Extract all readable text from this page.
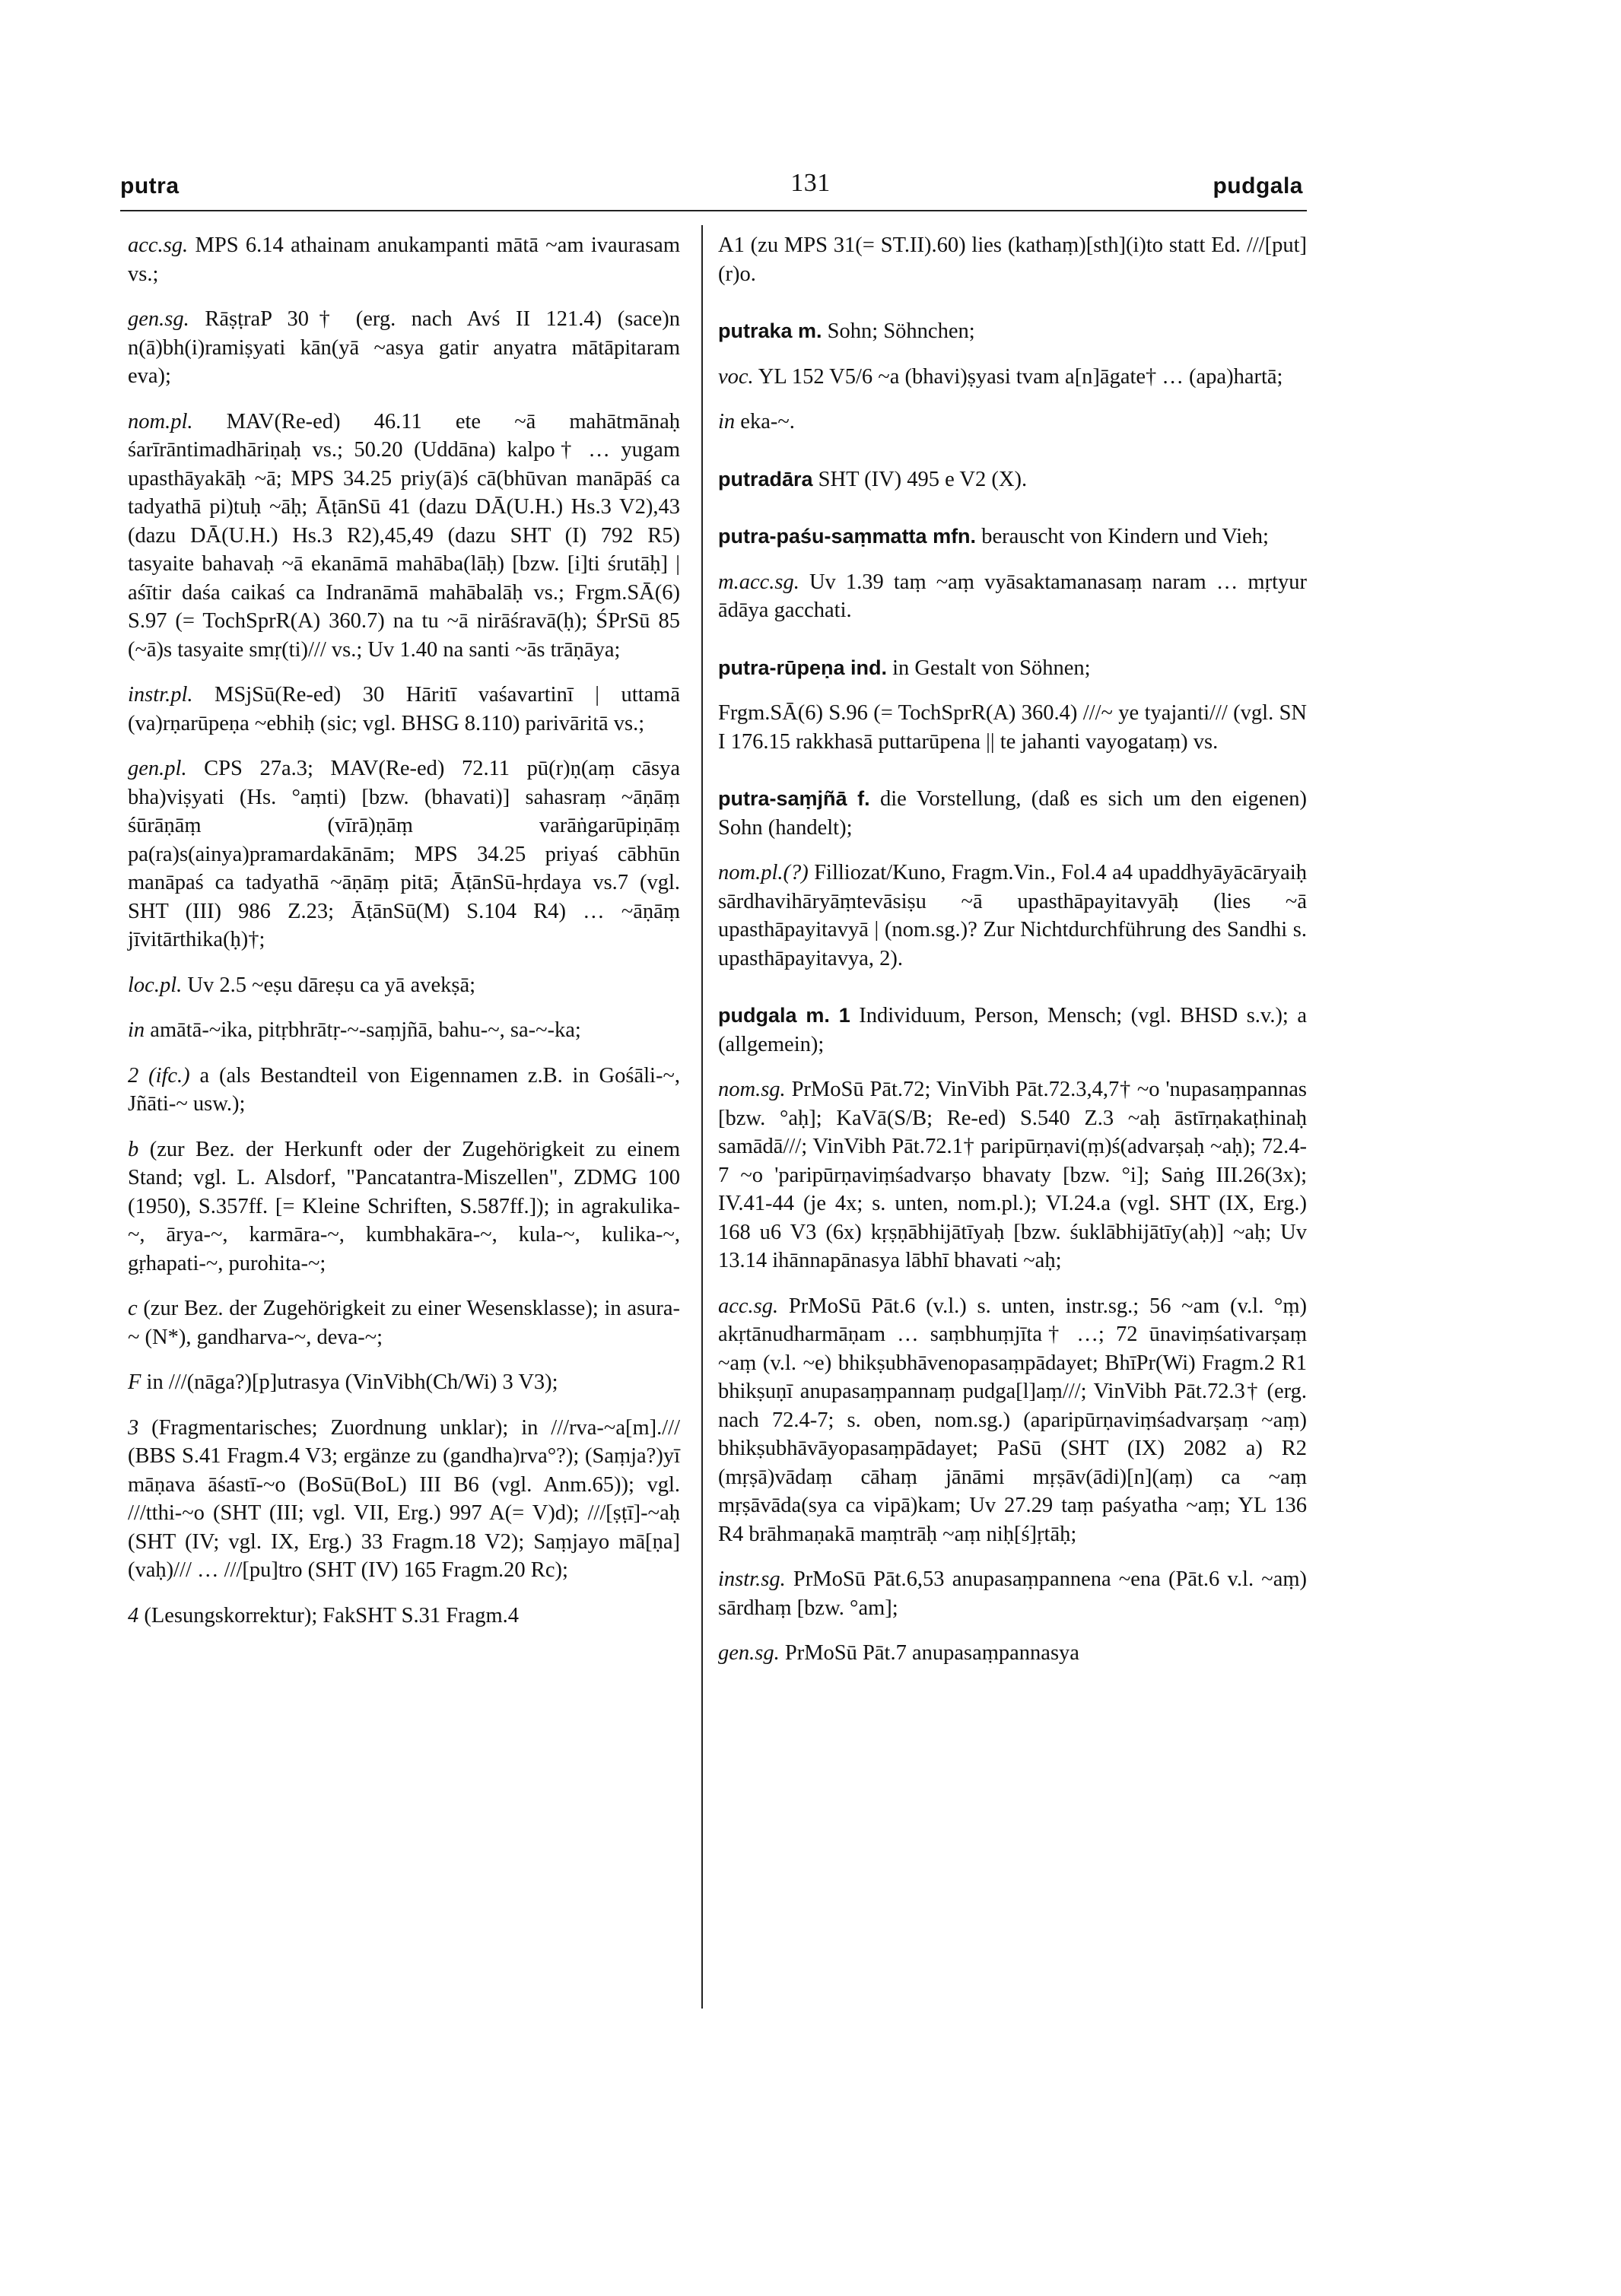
putra	131	pudgala

acc.sg. MPS 6.14 athainam anukampanti mātā ~am ivaurasam vs.;

gen.sg. RāṣṭraP 30† (erg. nach Avś II 121.4) (sace)n n(ā)bh(i)ramiṣyati kān(yā ~asya gatir anyatra mātāpitaram eva);

nom.pl. MAV(Re-ed) 46.11 ete ~ā mahātmānaḥ śarīrāntimadhāriṇaḥ vs.; 50.20 (Uddāna) kalpo† … yugam upasthāyakāḥ ~ā; MPS 34.25 priy(ā)ś cā(bhūvan manāpāś ca tadyathā pi)tuḥ ~āḥ; ĀṭānSū 41 (dazu DĀ(U.H.) Hs.3 V2),43 (dazu DĀ(U.H.) Hs.3 R2),45,49 (dazu SHT (I) 792 R5) tasyaite bahavaḥ ~ā ekanāmā mahāba(lāḥ) [bzw. [i]ti śrutāḥ] | aśītir daśa caikaś ca Indranāmā mahābalāḥ vs.; Frgm.SĀ(6) S.97 (= TochSprR(A) 360.7) na tu ~ā nirāśravā(ḥ); ŚPrSū 85 (~ā)s tasyaite smṛ(ti)/// vs.; Uv 1.40 na santi ~ās trāṇāya;

instr.pl. MSjSū(Re-ed) 30 Hāritī vaśavartinī | uttamā (va)rṇarūpeṇa ~ebhiḥ (sic; vgl. BHSG 8.110) parivāritā vs.;

gen.pl. CPS 27a.3; MAV(Re-ed) 72.11 pū(r)ṇ(aṃ cāsya bha)viṣyati (Hs. °aṃti) [bzw. (bhavati)] sahasraṃ ~āṇāṃ śūrāṇāṃ (vīrā)ṇāṃ varāṅgarūpiṇāṃ pa(ra)s(ainya)pramardakānām; MPS 34.25 priyaś cābhūn manāpaś ca tadyathā ~āṇāṃ pitā; ĀṭānSū-hṛdaya vs.7 (vgl. SHT (III) 986 Z.23; ĀṭānSū(M) S.104 R4) … ~āṇāṃ jīvitārthika(ḥ)†;

loc.pl. Uv 2.5 ~eṣu dāreṣu ca yā avekṣā;

in amātā-~ika, pitṛbhrātṛ-~-saṃjñā, bahu-~, sa-~-ka;

2 (ifc.) a (als Bestandteil von Eigennamen z.B. in Gośāli-~, Jñāti-~ usw.);

b (zur Bez. der Herkunft oder der Zugehörigkeit zu einem Stand; vgl. L. Alsdorf, "Pancatantra-Miszellen", ZDMG 100 (1950), S.357ff. [= Kleine Schriften, S.587ff.]); in agrakulika-~, ārya-~, karmāra-~, kumbhakāra-~, kula-~, kulika-~, gṛhapati-~, purohita-~;

c (zur Bez. der Zugehörigkeit zu einer Wesensklasse); in asura-~ (N*), gandharva-~, deva-~;

F in ///(nāga?)[p]utrasya (VinVibh(Ch/Wi) 3 V3);

3 (Fragmentarisches; Zuordnung unklar); in ///rva-~a[m]./// (BBS S.41 Fragm.4 V3; ergänze zu (gandha)rva°?); (Saṃja?)yī māṇava āśastī-~o (BoSū(BoL) III B6 (vgl. Anm.65)); vgl. ///tthi-~o (SHT (III; vgl. VII, Erg.) 997 A(= V)d); ///[ṣṭī]-~aḥ (SHT (IV; vgl. IX, Erg.) 33 Fragm.18 V2); Saṃjayo mā[ṇa](vaḥ)/// … ///[pu]tro (SHT (IV) 165 Fragm.20 Rc);

4 (Lesungskorrektur); FakSHT S.31 Fragm.4

A1 (zu MPS 31(= ST.II).60) lies (kathaṃ)[sth](i)to statt Ed. ///[put](r)o.

putraka m. Sohn; Söhnchen;

voc. YL 152 V5/6 ~a (bhavi)ṣyasi tvam a[n]āgate† … (apa)hartā;

in eka-~.

putradāra SHT (IV) 495 e V2 (X).

putra-paśu-saṃmatta mfn. berauscht von Kindern und Vieh;

m.acc.sg. Uv 1.39 taṃ ~aṃ vyāsaktamanasaṃ naram … mṛtyur ādāya gacchati.

putra-rūpeṇa ind. in Gestalt von Söhnen;

Frgm.SĀ(6) S.96 (= TochSprR(A) 360.4) ///~ ye tyajanti/// (vgl. SN I 176.15 rakkhasā puttarūpena || te jahanti vayogataṃ) vs.

putra-saṃjñā f. die Vorstellung, (daß es sich um den eigenen) Sohn (handelt);

nom.pl.(?) Filliozat/Kuno, Fragm.Vin., Fol.4 a4 upaddhyāyācāryaiḥ sārdhavihāryāṃtevāsiṣu ~ā upasthāpayitavyāḥ (lies ~ā upasthāpayitavyā | (nom.sg.)? Zur Nichtdurchführung des Sandhi s. upasthāpayitavya, 2).

pudgala m. 1 Individuum, Person, Mensch; (vgl. BHSD s.v.); a (allgemein);

nom.sg. PrMoSū Pāt.72; VinVibh Pāt.72.3,4,7† ~o 'nupasaṃpannas [bzw. °aḥ]; KaVā(S/B; Re-ed) S.540 Z.3 ~aḥ āstīrṇakaṭhinaḥ samādā///; VinVibh Pāt.72.1† paripūrṇavi(ṃ)ś(advarṣaḥ ~aḥ); 72.4-7 ~o 'paripūrṇaviṃśadvarṣo bhavaty [bzw. °i]; Saṅg III.26(3x); IV.41-44 (je 4x; s. unten, nom.pl.); VI.24.a (vgl. SHT (IX, Erg.) 168 u6 V3 (6x) kṛṣṇābhijātīyaḥ [bzw. śuklābhijātīy(aḥ)] ~aḥ; Uv 13.14 ihānnapānasya lābhī bhavati ~aḥ;

acc.sg. PrMoSū Pāt.6 (v.l.) s. unten, instr.sg.; 56 ~am (v.l. °ṃ) akṛtānudharmāṇam … saṃbhuṃjīta† …; 72 ūnaviṃśativarṣaṃ ~aṃ (v.l. ~e) bhikṣubhāvenopasaṃpādayet; BhīPr(Wi) Fragm.2 R1 bhikṣuṇī anupasaṃpannaṃ pudga[l]aṃ///; VinVibh Pāt.72.3† (erg. nach 72.4-7; s. oben, nom.sg.) (aparipūrṇaviṃśadvarṣaṃ ~aṃ) bhikṣubhāvāyopasaṃpādayet; PaSū (SHT (IX) 2082 a) R2 (mṛṣā)vādaṃ cāhaṃ jānāmi mṛṣāv(ādi)[n](aṃ) ca ~aṃ mṛṣāvāda(sya ca vipā)kam; Uv 27.29 taṃ paśyatha ~aṃ; YL 136 R4 brāhmaṇakā maṃtrāḥ ~aṃ niḥ[ś]ṛtāḥ;

instr.sg. PrMoSū Pāt.6,53 anupasaṃpannena ~ena (Pāt.6 v.l. ~aṃ) sārdhaṃ [bzw. °am];

gen.sg. PrMoSū Pāt.7 anupasaṃpannasya
